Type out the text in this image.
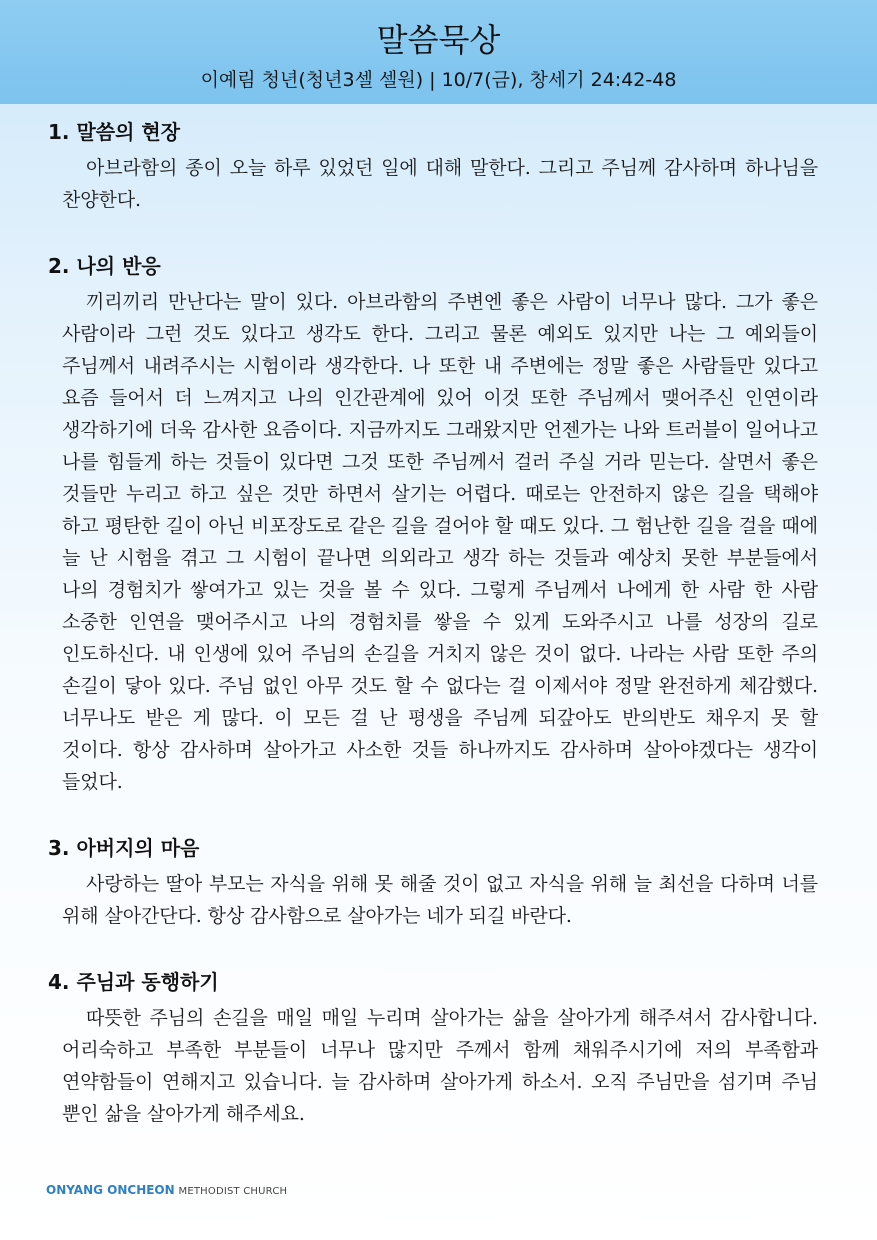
말씀묵상
이예림 청년(청년3셀 셀원) | 10/7(금), 창세기 24:42-48
1. 말씀의 현장

아브라함의 종이 오늘 하루 있었던 일에 대해 말한다. 그리고 주님께 감사하며 하나님을 찬양한다.

2. 나의 반응

끼리끼리 만난다는 말이 있다. 아브라함의 주변엔 좋은 사람이 너무나 많다. 그가 좋은 사람이라 그런 것도 있다고 생각도 한다. 그리고 물론 예외도 있지만 나는 그 예외들이 주님께서 내려주시는 시험이라 생각한다. 나 또한 내 주변에는 정말 좋은 사람들만 있다고 요즘 들어서 더 느껴지고 나의 인간관계에 있어 이것 또한 주님께서 맺어주신 인연이라 생각하기에 더욱 감사한 요즘이다. 지금까지도 그래왔지만 언젠가는 나와 트러블이 일어나고 나를 힘들게 하는 것들이 있다면 그것 또한 주님께서 걸러 주실 거라 믿는다. 살면서 좋은 것들만 누리고 하고 싶은 것만 하면서 살기는 어렵다. 때로는 안전하지 않은 길을 택해야 하고 평탄한 길이 아닌 비포장도로 같은 길을 걸어야 할 때도 있다. 그 험난한 길을 걸을 때에 늘 난 시험을 겪고 그 시험이 끝나면 의외라고 생각 하는 것들과 예상치 못한 부분들에서 나의 경험치가 쌓여가고 있는 것을 볼 수 있다. 그렇게 주님께서 나에게 한 사람 한 사람 소중한 인연을 맺어주시고 나의 경험치를 쌓을 수 있게 도와주시고 나를 성장의 길로 인도하신다. 내 인생에 있어 주님의 손길을 거치지 않은 것이 없다. 나라는 사람 또한 주의 손길이 닿아 있다. 주님 없인 아무 것도 할 수 없다는 걸 이제서야 정말 완전하게 체감했다. 너무나도 받은 게 많다. 이 모든 걸 난 평생을 주님께 되갚아도 반의반도 채우지 못 할 것이다. 항상 감사하며 살아가고 사소한 것들 하나까지도 감사하며 살아야겠다는 생각이 들었다.

3. 아버지의 마음

사랑하는 딸아 부모는 자식을 위해 못 해줄 것이 없고 자식을 위해 늘 최선을 다하며 너를 위해 살아간단다. 항상 감사함으로 살아가는 네가 되길 바란다.

4. 주님과 동행하기

따뜻한 주님의 손길을 매일 매일 누리며 살아가는 삶을 살아가게 해주셔서 감사합니다. 어리숙하고 부족한 부분들이 너무나 많지만 주께서 함께 채워주시기에 저의 부족함과 연약함들이 연해지고 있습니다. 늘 감사하며 살아가게 하소서. 오직 주님만을 섬기며 주님 뿐인 삶을 살아가게 해주세요.

ONYANG ONCHEON METHODIST CHURCH
